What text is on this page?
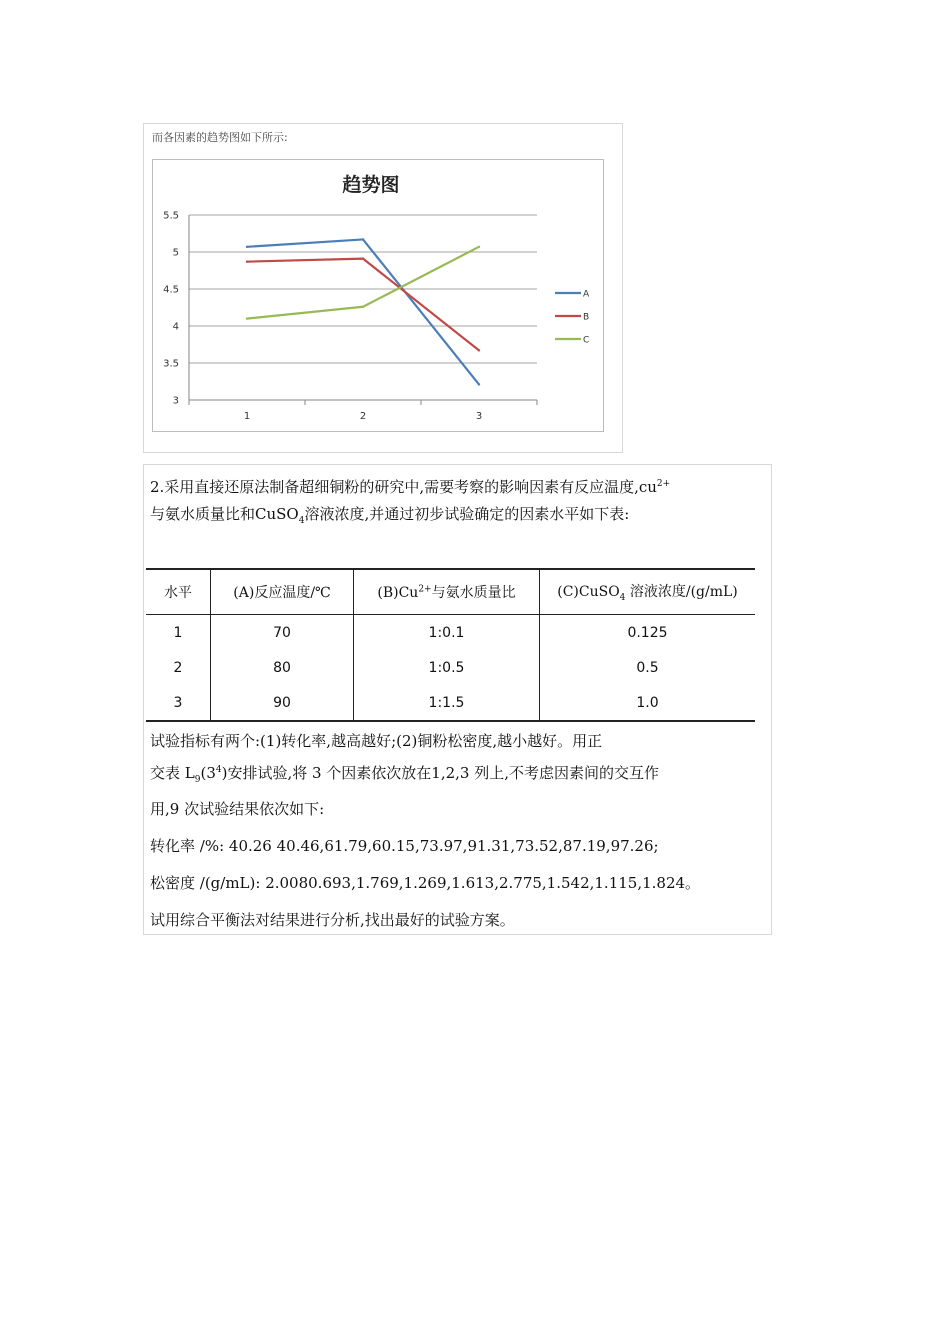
而各因素的趋势图如下所示:
趋势图
3
3.5
4
4.5
5
5.5
1	2	3
A
B
C
2.采用直接还原法制备超细铜粉的研究中,需要考察的影响因素有反应温度$,cu^{2+}$
与氨水质量比和CuSO$_4$溶液浓度,并通过初步试验确定的因素水平如下表:
水平	(A)反应温度/℃	$(B)Cu^{2+}$与氨水质量比	(C)CuSO$_4$ 溶液浓度/(g/mL)
1	70	1:0.1	0.125
2	80	1:0.5	0.5
3	90	1:1.5	1.0
试验指标有两个:(1)转化率,越高越好;(2)铜粉松密度,越小越好。用正
交表 $L_9(3^4)$安排试验,将 3 个因素依次放在1,2,3 列上,不考虑因素间的交互作
用,9 次试验结果依次如下:
转化率 /%: 40.26 40.46,61.79,60.15,73.97,91.31,73.52,87.19,97.26;
松密度 /(g/mL): 2.0080.693,1.769,1.269,1.613,2.775,1.542,1.115,1.824。
试用综合平衡法对结果进行分析,找出最好的试验方案。
